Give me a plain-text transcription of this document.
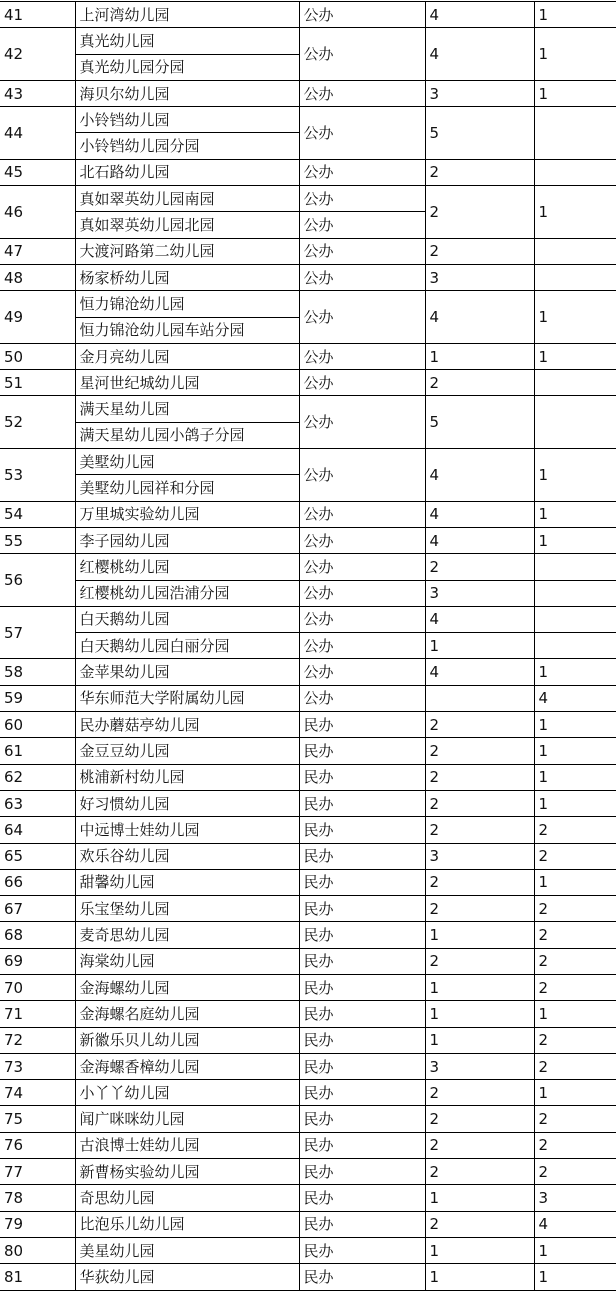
41	上河湾幼儿园	公办	4	1
42	真光幼儿园	公办	4	1
	真光幼儿园分园			
43	海贝尔幼儿园	公办	3	1
44	小铃铛幼儿园	公办	5	
	小铃铛幼儿园分园			
45	北石路幼儿园	公办	2	
46	真如翠英幼儿园南园	公办	2	1
	真如翠英幼儿园北园	公办		
47	大渡河路第二幼儿园	公办	2	
48	杨家桥幼儿园	公办	3	
49	恒力锦沧幼儿园	公办	4	1
	恒力锦沧幼儿园车站分园			
50	金月亮幼儿园	公办	1	1
51	星河世纪城幼儿园	公办	2	
52	满天星幼儿园	公办	5	
	满天星幼儿园小鸽子分园			
53	美墅幼儿园	公办	4	1
	美墅幼儿园祥和分园			
54	万里城实验幼儿园	公办	4	1
55	李子园幼儿园	公办	4	1
56	红樱桃幼儿园	公办	2	
	红樱桃幼儿园浩浦分园	公办	3	
57	白天鹅幼儿园	公办	4	
	白天鹅幼儿园白丽分园	公办	1	
58	金苹果幼儿园	公办	4	1
59	华东师范大学附属幼儿园	公办		4
60	民办蘑菇亭幼儿园	民办	2	1
61	金豆豆幼儿园	民办	2	1
62	桃浦新村幼儿园	民办	2	1
63	好习惯幼儿园	民办	2	1
64	中远博士娃幼儿园	民办	2	2
65	欢乐谷幼儿园	民办	3	2
66	甜馨幼儿园	民办	2	1
67	乐宝堡幼儿园	民办	2	2
68	麦奇思幼儿园	民办	1	2
69	海棠幼儿园	民办	2	2
70	金海螺幼儿园	民办	1	2
71	金海螺名庭幼儿园	民办	1	1
72	新徽乐贝儿幼儿园	民办	1	2
73	金海螺香樟幼儿园	民办	3	2
74	小丫丫幼儿园	民办	2	1
75	闻广咪咪幼儿园	民办	2	2
76	古浪博士娃幼儿园	民办	2	2
77	新曹杨实验幼儿园	民办	2	2
78	奇思幼儿园	民办	1	3
79	比泡乐儿幼儿园	民办	2	4
80	美星幼儿园	民办	1	1
81	华荻幼儿园	民办	1	1
